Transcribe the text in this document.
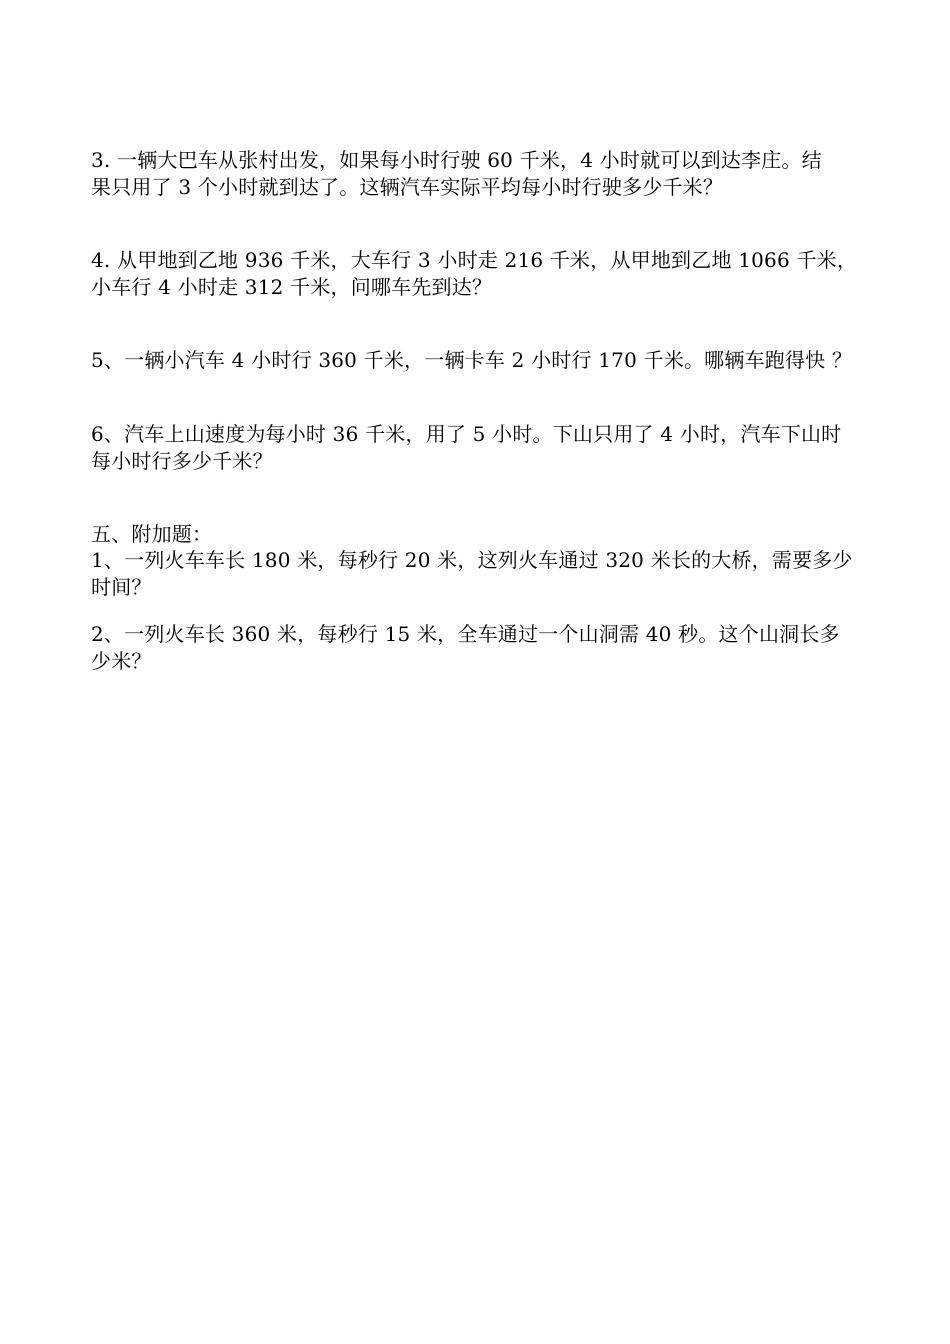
3. 一辆大巴车从张村出发，如果每小时行驶 60 千米，4 小时就可以到达李庄。结
果只用了 3 个小时就到达了。这辆汽车实际平均每小时行驶多少千米？
4. 从甲地到乙地 936 千米，大车行 3 小时走 216 千米，从甲地到乙地 1066 千米，
小车行 4 小时走 312 千米，问哪车先到达？
5、一辆小汽车 4 小时行 360 千米，一辆卡车 2 小时行 170 千米。哪辆车跑得快 ？
6、汽车上山速度为每小时 36 千米，用了 5 小时。下山只用了 4 小时，汽车下山时
每小时行多少千米？
五、附加题：
1、一列火车车长 180 米，每秒行 20 米，这列火车通过 320 米长的大桥，需要多少
时间？
2、一列火车长 360 米，每秒行 15 米，全车通过一个山洞需 40 秒。这个山洞长多
少米？
